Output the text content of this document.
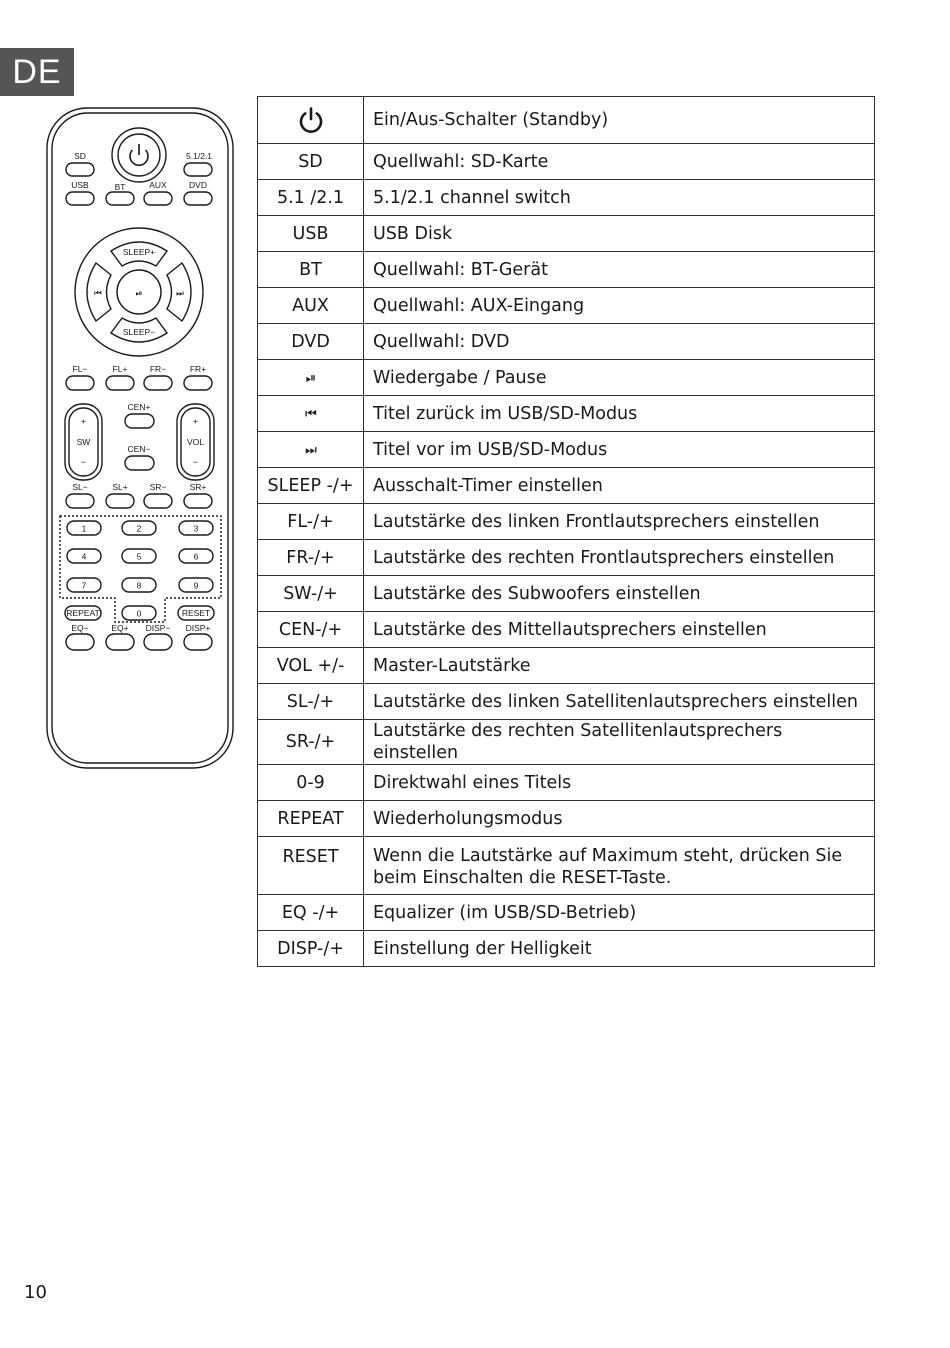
DE
SD	5.1/2.1
USB	BT	AUX	DVD
SLEEP+
SLEEP−
⏮	⏯	⏭
FL−	FL+	FR−	FR+
CEN+
CEN−
+
SW
−
+
VOL
−
SL−	SL+	SR−	SR+
1	2	3
4	5	6
7	8	9
REPEAT	0	RESET
EQ−	EQ+ DISP− DISP+
	Ein/Aus-Schalter (Standby)
SD	Quellwahl: SD-Karte
5.1 /2.1	5.1/2.1 channel switch
USB	USB Disk
BT	Quellwahl: BT-Gerät
AUX	Quellwahl: AUX-Eingang
DVD	Quellwahl: DVD
⏯	Wiedergabe / Pause
⏮	Titel zurück im USB/SD-Modus
⏭	Titel vor im USB/SD-Modus
SLEEP -/+	Ausschalt-Timer einstellen
FL-/+	Lautstärke des linken Frontlautsprechers einstellen
FR-/+	Lautstärke des rechten Frontlautsprechers einstellen
SW-/+	Lautstärke des Subwoofers einstellen
CEN-/+	Lautstärke des Mittellautsprechers einstellen
VOL +/-	Master-Lautstärke
SL-/+	Lautstärke des linken Satellitenlautsprechers einstellen
SR-/+	Lautstärke des rechten Satellitenlautsprechers einstellen
0-9	Direktwahl eines Titels
REPEAT	Wiederholungsmodus
RESET	Wenn die Lautstärke auf Maximum steht, drücken Sie beim Einschalten die RESET-Taste.
EQ -/+	Equalizer (im USB/SD-Betrieb)
DISP-/+	Einstellung der Helligkeit
10
